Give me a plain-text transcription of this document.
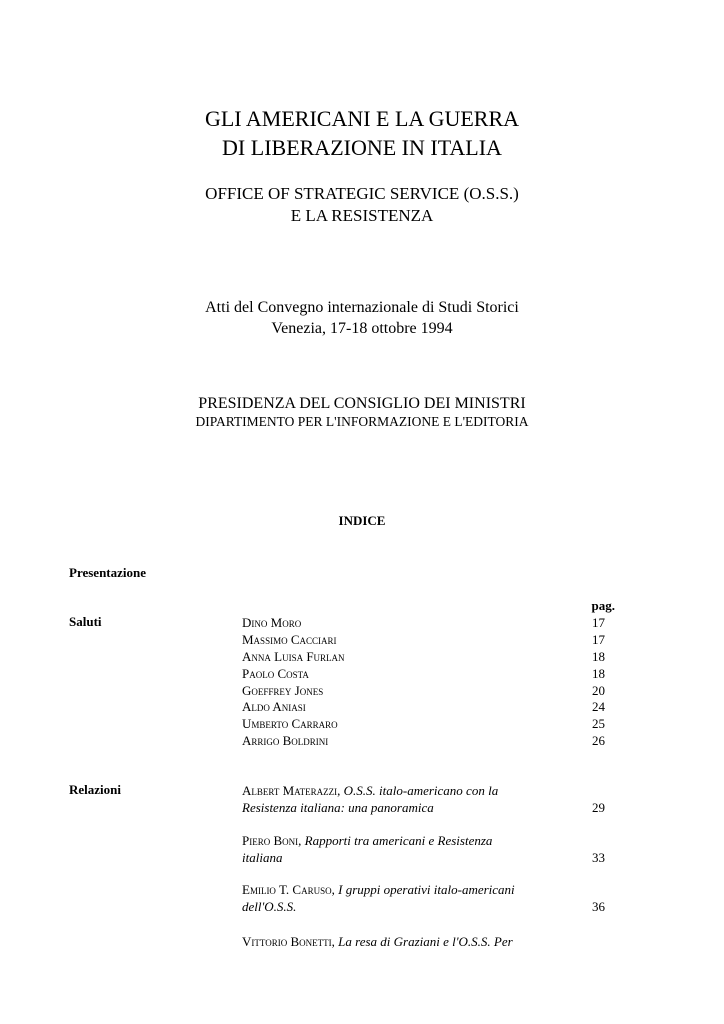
GLI AMERICANI E LA GUERRA
DI LIBERAZIONE IN ITALIA
OFFICE OF STRATEGIC SERVICE (O.S.S.)
E LA RESISTENZA
Atti del Convegno internazionale di Studi Storici
Venezia, 17-18 ottobre 1994
PRESIDENZA DEL CONSIGLIO DEI MINISTRI
DIPARTIMENTO PER L'INFORMAZIONE E L'EDITORIA
INDICE
Presentazione
pag.
Saluti	Dino Moro	17
Massimo Cacciari	17
Anna Luisa Furlan	18
Paolo Costa	18
Goeffrey Jones	20
Aldo Aniasi	24
Umberto Carraro	25
Arrigo Boldrini	26
Relazioni	Albert Materazzi, O.S.S. italo-americano con la
Resistenza italiana: una panoramica	29
Piero Boni, Rapporti tra americani e Resistenza
italiana	33
Emilio T. Caruso, I gruppi operativi italo-americani
dell'O.S.S.	36
Vittorio Bonetti, La resa di Graziani e l'O.S.S. Per
